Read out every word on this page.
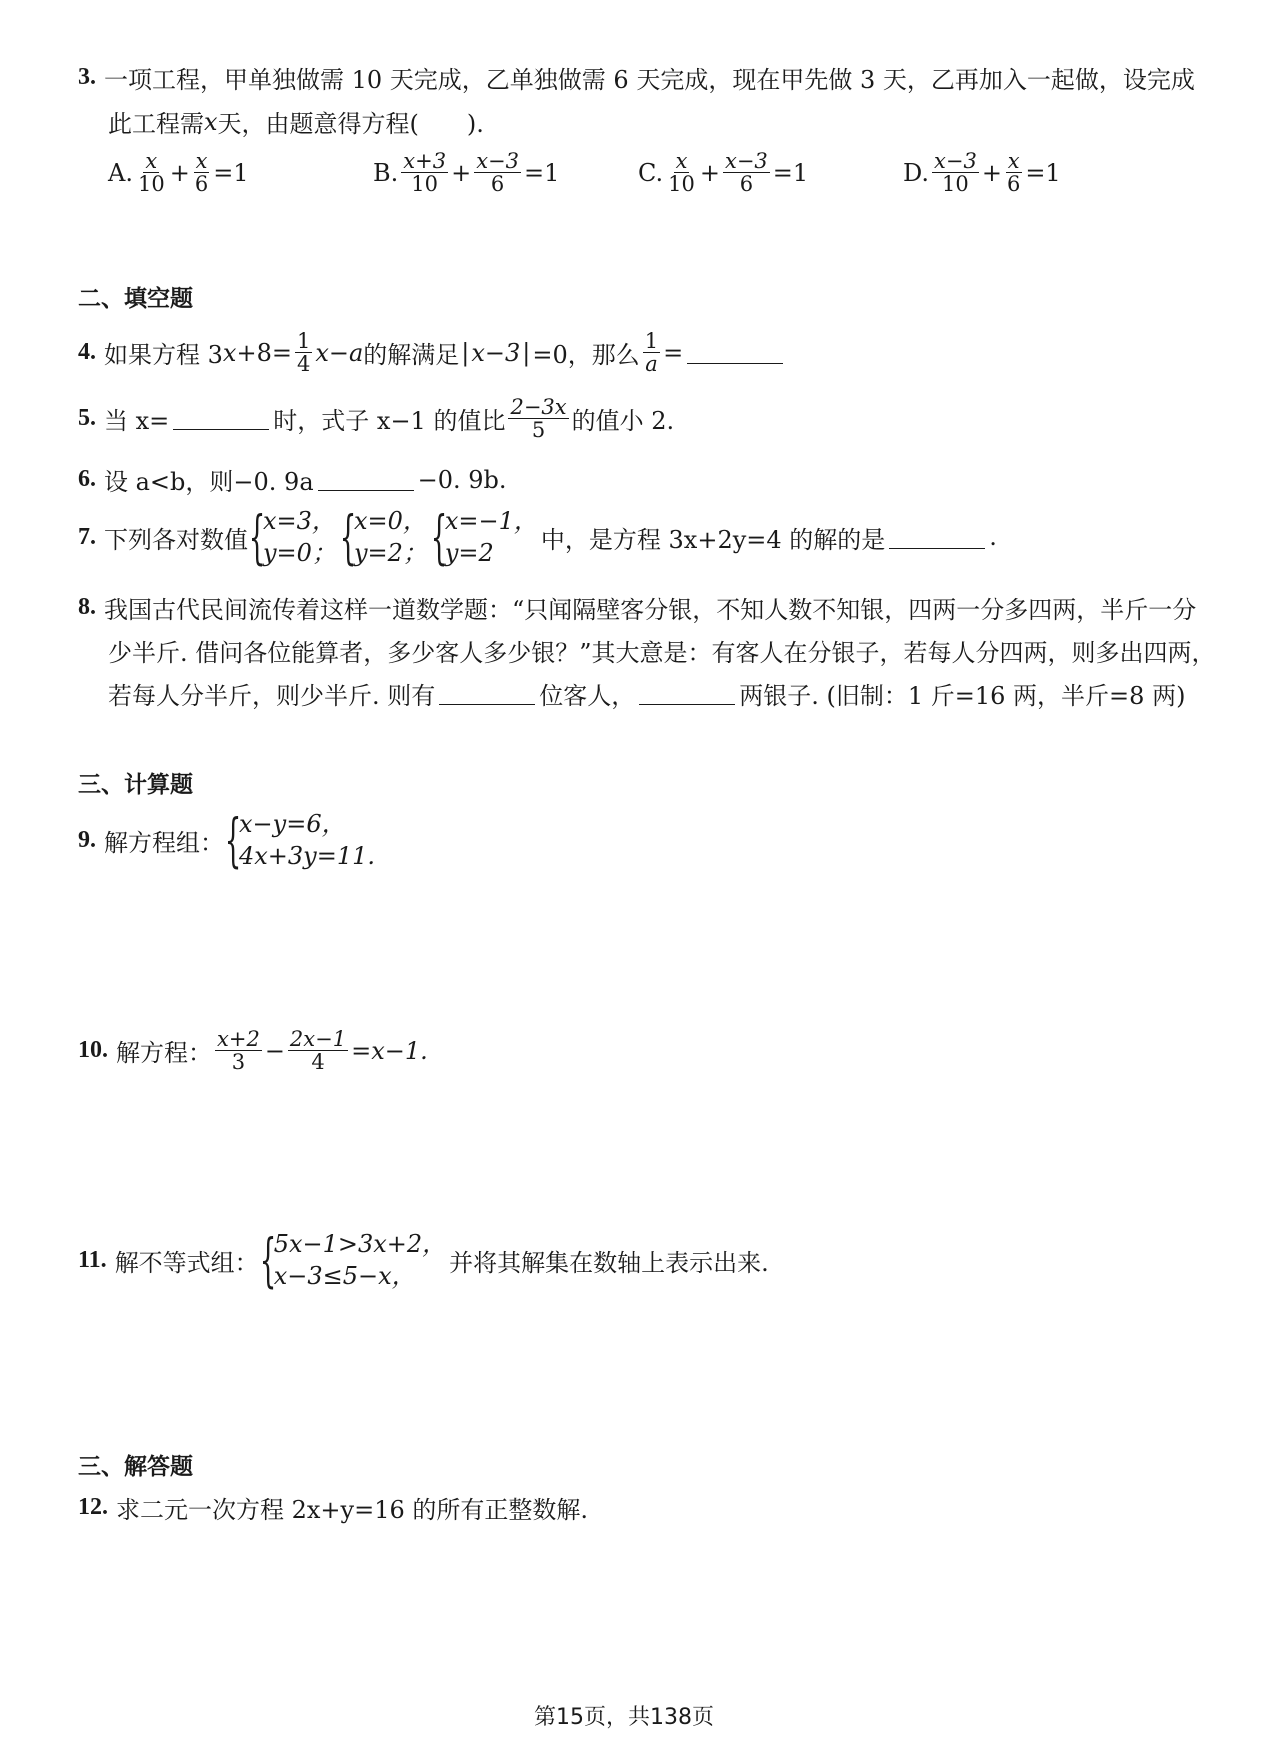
3. 一项工程，甲单独做需 10 天完成，乙单独做需 6 天完成，现在甲先做 3 天，乙再加入一起做，设完成
此工程需 x 天，由题意得方程(　　).
A. $\frac{x}{10} + \frac{x}{6} =1$	B. $\frac{x+3}{10} + \frac{x-3}{6} =1$	C. $\frac{x}{10} + \frac{x-3}{6} =1$	D. $\frac{x-3}{10} + \frac{x}{6} =1$
二、填空题
4. 如果方程 3 $x +8= \frac{1}{4} x-a$ 的解满足 | x−3 | =0，那么 $\frac{1}{a}$ =
5. 当 x=	时，式子 x−1 的值比 $\frac{2-3x}{5}$ 的值小 2.
6. 设 a<b，则−0. 9a	−0. 9b.
7. 下列各对数值 {
x=3，
y=0； {
x=0，
y=2； {
x=−1，
y=2	中，是方程 3x+2y=4 的解的是	.
8. 我国古代民间流传着这样一道数学题：“只闻隔壁客分银，不知人数不知银，四两一分多四两，半斤一分
少半斤. 借问各位能算者，多少客人多少银？”其大意是：有客人在分银子，若每人分四两，则多出四两，
若每人分半斤，则少半斤. 则有	位客人，	两银子. (旧制：1 斤=16 两，半斤=8 两)
三、计算题
9. 解方程组： {
x−y=6，
4x+3y=11.
10. 解方程： $\frac{x+2}{3} - \frac{2x-1}{4} =x-1$.
11. 解不等式组： {
5x−1>3x+2，
x−3≤5−x，	并将其解集在数轴上表示出来.
三、解答题
12. 求二元一次方程 2x+y=16 的所有正整数解.
第15页，共138页
